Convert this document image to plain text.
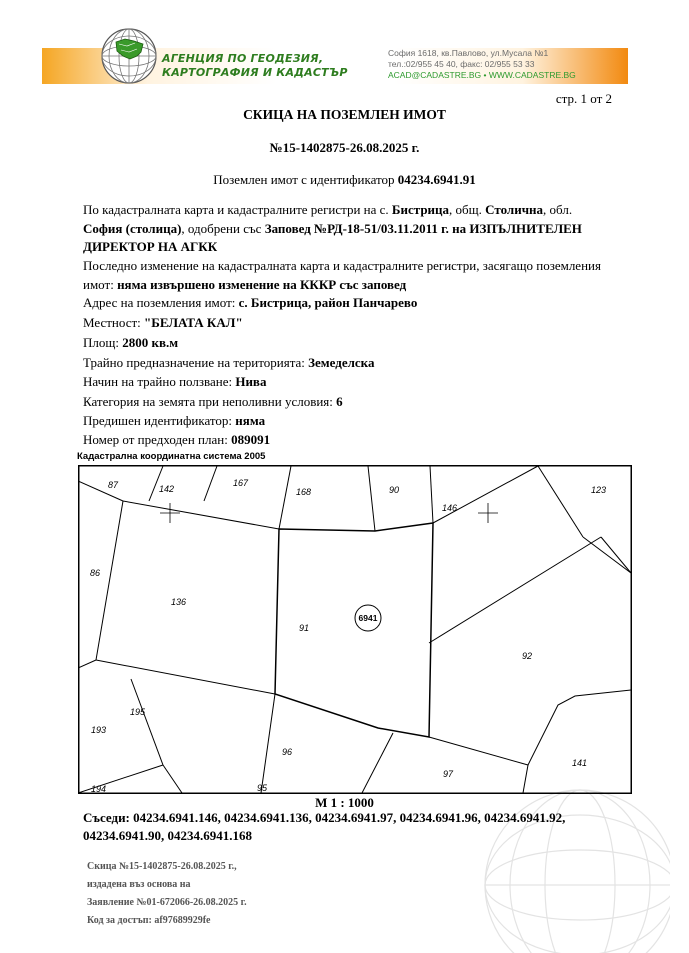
АГЕНЦИЯ ПО ГЕОДЕЗИЯ,
КАРТОГРАФИЯ И КАДАСТЪР
София 1618, кв.Павлово, ул.Мусала №1
тел.:02/955 45 40, факс: 02/955 53 33
ACAD@CADASTRE.BG • WWW.CADASTRE.BG
стр. 1 от 2
СКИЦА НА ПОЗЕМЛЕН ИМОТ
№15-1402875-26.08.2025 г.
Поземлен имот с идентификатор 04234.6941.91
По кадастралната карта и кадастралните регистри на с. Бистрица, общ. Столична, обл.
София (столица), одобрени със Заповед №РД-18-51/03.11.2011 г. на ИЗПЪЛНИТЕЛЕН ДИРЕКТОР НА АГКК
Последно изменение на кадастралната карта и кадастралните регистри, засягащо поземления имот: няма извършено изменение на КККР със заповед
Адрес на поземления имот: с. Бистрица, район Панчарево
Местност: "БЕЛАТА КАЛ"
Площ: 2800 кв.м
Трайно предназначение на територията: Земеделска
Начин на трайно ползване: Нива
Категория на земята при неполивни условия: 6
Предишен идентификатор: няма
Номер от предходен план: 089091
Кадастрална координатна система 2005
87	142
167
168	90
146
123
86
136
91
92
195
193
96
97
141
194	95
6941
М 1 : 1000
Съседи: 04234.6941.146, 04234.6941.136, 04234.6941.97, 04234.6941.96, 04234.6941.92, 04234.6941.90, 04234.6941.168
Скица №15-1402875-26.08.2025 г.,
издадена въз основа на
Заявление №01-672066-26.08.2025 г.
Код за достъп: af97689929fe
